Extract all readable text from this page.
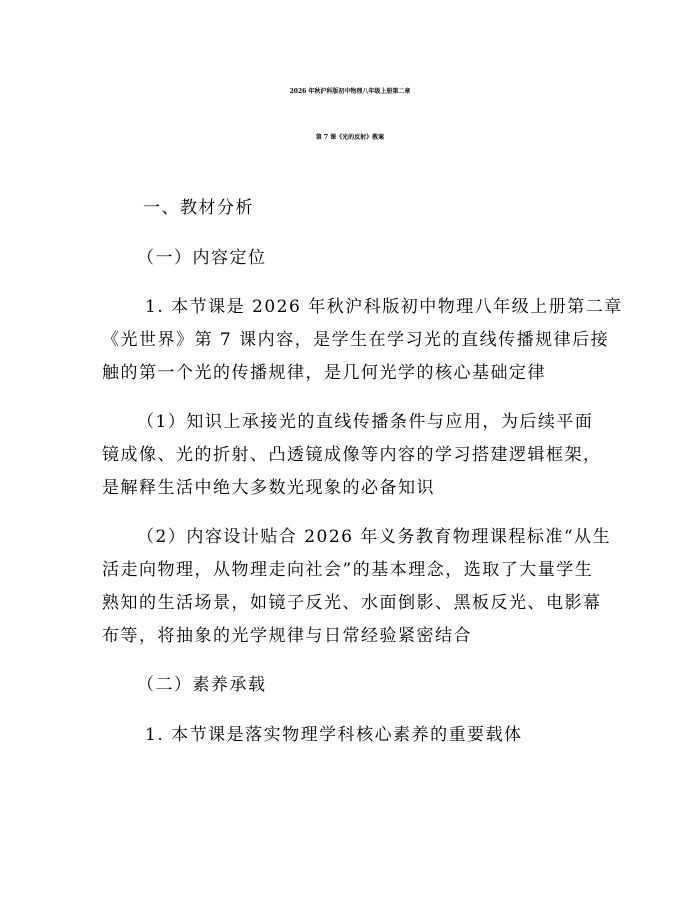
2026 年秋沪科版初中物理八年级上册第二章
第 7 课《光的反射》教案
一、教材分析
（一）内容定位
1. 本节课是 2026 年秋沪科版初中物理八年级上册第二章
《光世界》第 7 课内容，是学生在学习光的直线传播规律后接
触的第一个光的传播规律，是几何光学的核心基础定律
（1）知识上承接光的直线传播条件与应用，为后续平面
镜成像、光的折射、凸透镜成像等内容的学习搭建逻辑框架，
是解释生活中绝大多数光现象的必备知识
（2）内容设计贴合 2026 年义务教育物理课程标准“从生
活走向物理，从物理走向社会”的基本理念，选取了大量学生
熟知的生活场景，如镜子反光、水面倒影、黑板反光、电影幕
布等，将抽象的光学规律与日常经验紧密结合
（二）素养承载
1. 本节课是落实物理学科核心素养的重要载体
